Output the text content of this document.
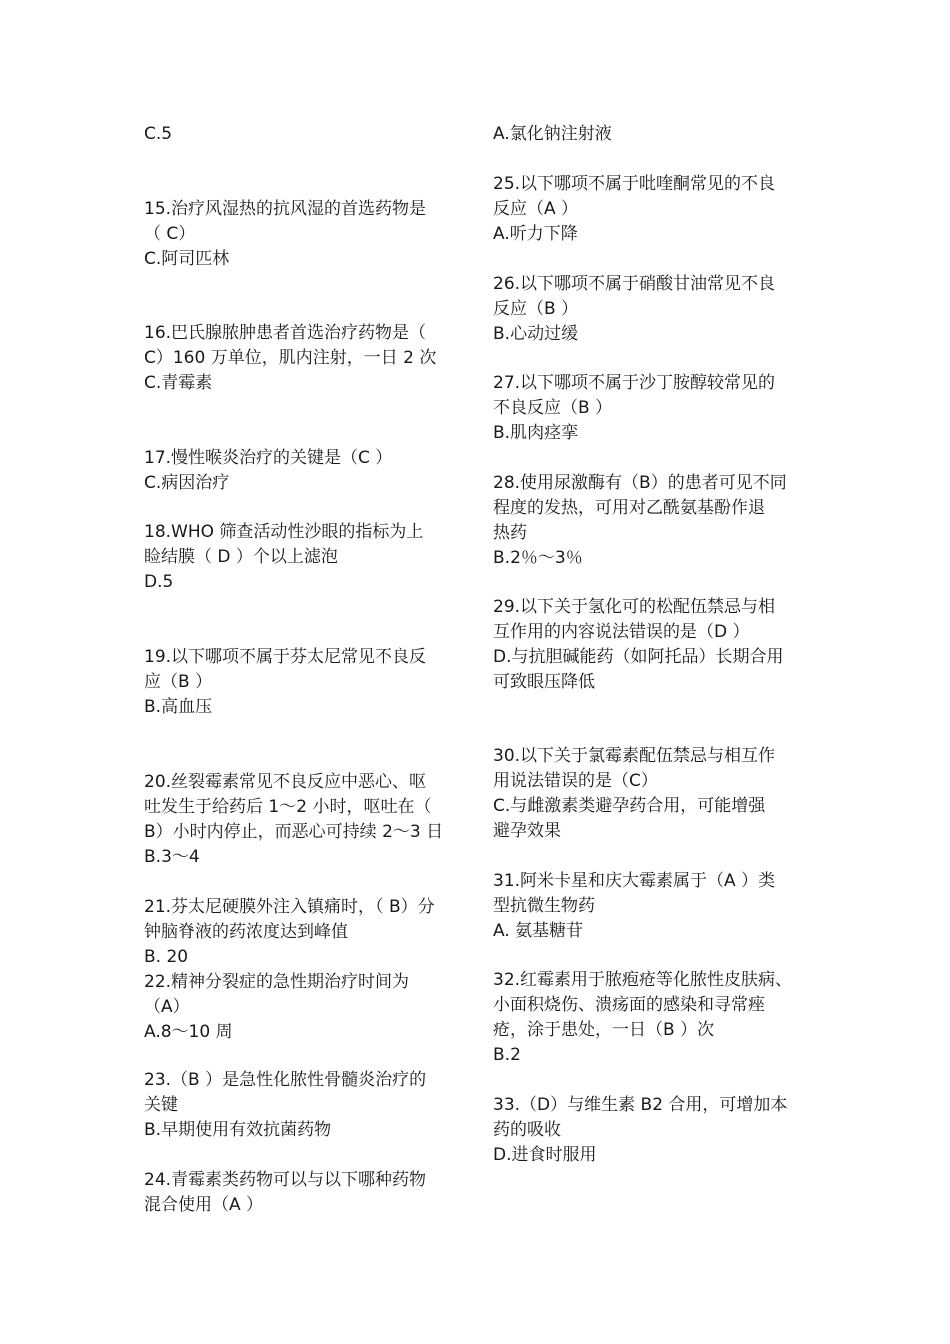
C.5
15.治疗风湿热的抗风湿的首选药物是
（ C）
C.阿司匹林
16.巴氏腺脓肿患者首选治疗药物是（
C）160 万单位，肌内注射，一日 2 次
C.青霉素
17.慢性喉炎治疗的关键是（C ）
C.病因治疗
18.WHO 筛查活动性沙眼的指标为上
睑结膜（ D ）个以上滤泡
D.5
19.以下哪项不属于芬太尼常见不良反
应（B ）
B.高血压
20.丝裂霉素常见不良反应中恶心、呕
吐发生于给药后 1～2 小时，呕吐在（
B）小时内停止，而恶心可持续 2～3 日
B.3～4
21.芬太尼硬膜外注入镇痛时，（ B）分
钟脑脊液的药浓度达到峰值
B. 20
22.精神分裂症的急性期治疗时间为
（A）
A.8～10 周
23.（B ）是急性化脓性骨髓炎治疗的
关键
B.早期使用有效抗菌药物
24.青霉素类药物可以与以下哪种药物
混合使用（A ）
A.氯化钠注射液
25.以下哪项不属于吡喹酮常见的不良
反应（A ）
A.听力下降
26.以下哪项不属于硝酸甘油常见不良
反应（B ）
B.心动过缓
27.以下哪项不属于沙丁胺醇较常见的
不良反应（B ）
B.肌肉痉挛
28.使用尿激酶有（B）的患者可见不同
程度的发热，可用对乙酰氨基酚作退
热药
B.2％～3％
29.以下关于氢化可的松配伍禁忌与相
互作用的内容说法错误的是（D ）
D.与抗胆碱能药（如阿托品）长期合用
可致眼压降低
30.以下关于氯霉素配伍禁忌与相互作
用说法错误的是（C）
C.与雌激素类避孕药合用，可能增强
避孕效果
31.阿米卡星和庆大霉素属于（A ）类
型抗微生物药
A. 氨基糖苷
32.红霉素用于脓疱疮等化脓性皮肤病、
小面积烧伤、溃疡面的感染和寻常痤
疮，涂于患处，一日（B ）次
B.2
33.（D）与维生素 B2 合用，可增加本
药的吸收
D.进食时服用
